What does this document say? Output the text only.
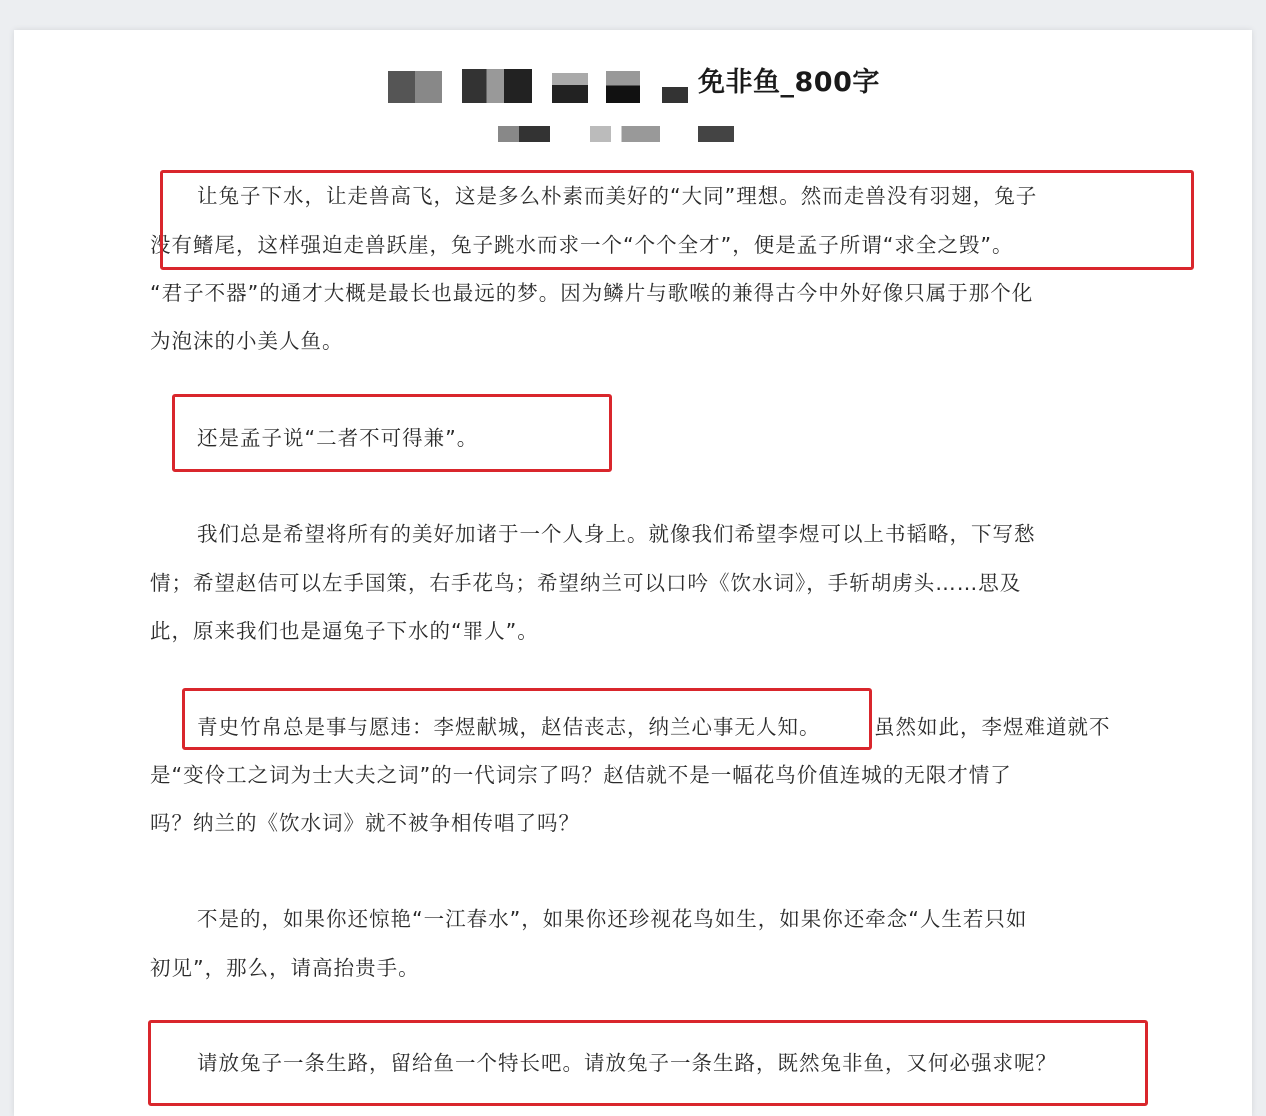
免非鱼_800字
让兔子下水，让走兽高飞，这是多么朴素而美好的“大同”理想。然而走兽没有羽翅，兔子
没有鳍尾，这样强迫走兽跃崖，兔子跳水而求一个“个个全才”，便是孟子所谓“求全之毁”。
“君子不器”的通才大概是最长也最远的梦。因为鳞片与歌喉的兼得古今中外好像只属于那个化
为泡沫的小美人鱼。
还是孟子说“二者不可得兼”。
我们总是希望将所有的美好加诸于一个人身上。就像我们希望李煜可以上书韬略，下写愁
情；希望赵佶可以左手国策，右手花鸟；希望纳兰可以口吟《饮水词》，手斩胡虏头……思及
此，原来我们也是逼兔子下水的“罪人”。
青史竹帛总是事与愿违：李煜献城，赵佶丧志，纳兰心事无人知。	虽然如此，李煜难道就不
是“变伶工之词为士大夫之词”的一代词宗了吗？赵佶就不是一幅花鸟价值连城的无限才情了
吗？纳兰的《饮水词》就不被争相传唱了吗？
不是的，如果你还惊艳“一江春水”，如果你还珍视花鸟如生，如果你还牵念“人生若只如
初见”，那么，请高抬贵手。
请放兔子一条生路，留给鱼一个特长吧。请放兔子一条生路，既然兔非鱼，又何必强求呢？
